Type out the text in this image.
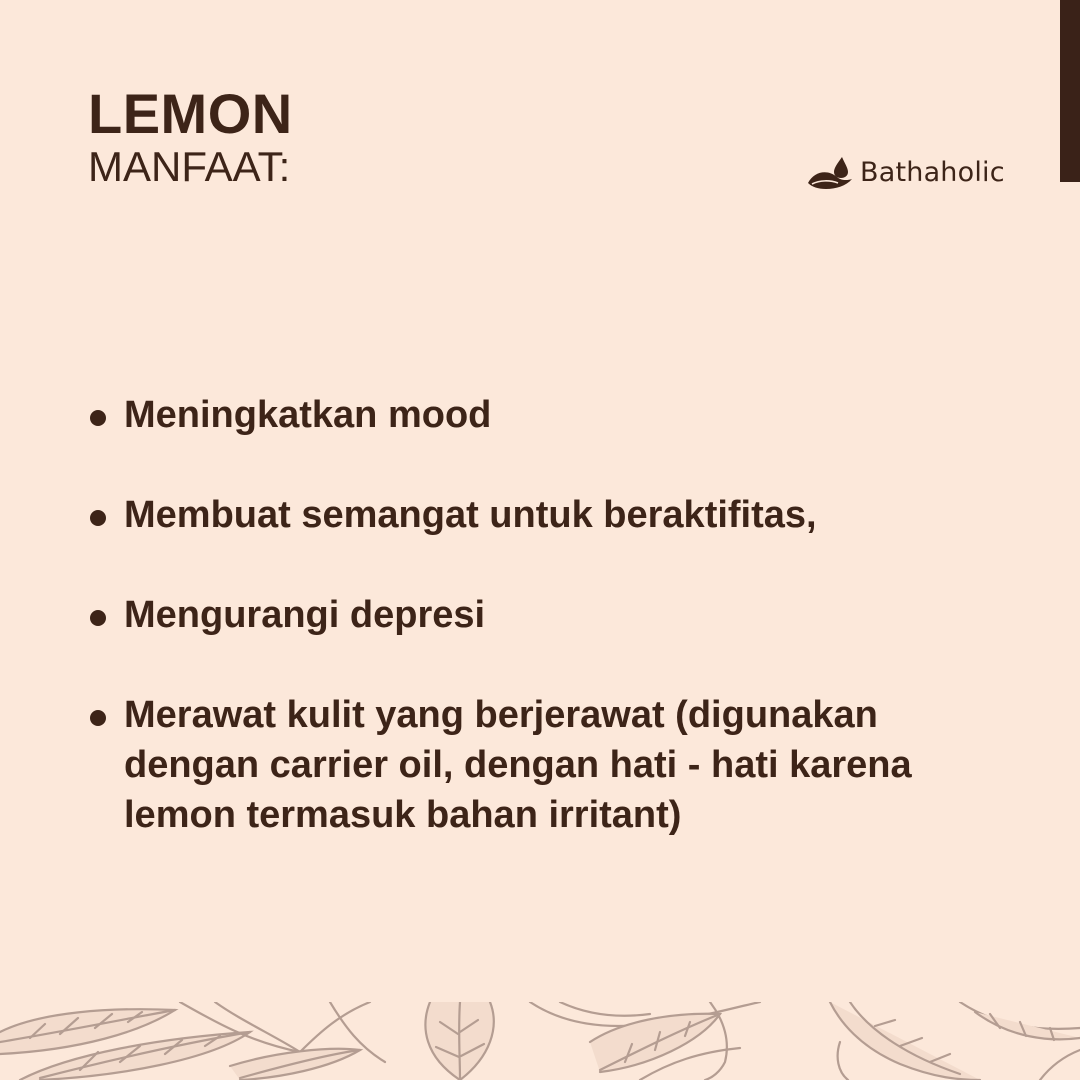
LEMON
MANFAAT:	Bathaholic
Meningkatkan mood
Membuat semangat untuk beraktifitas,
Mengurangi depresi
Merawat kulit yang berjerawat (digunakan dengan carrier oil, dengan hati - hati karena lemon termasuk bahan irritant)
